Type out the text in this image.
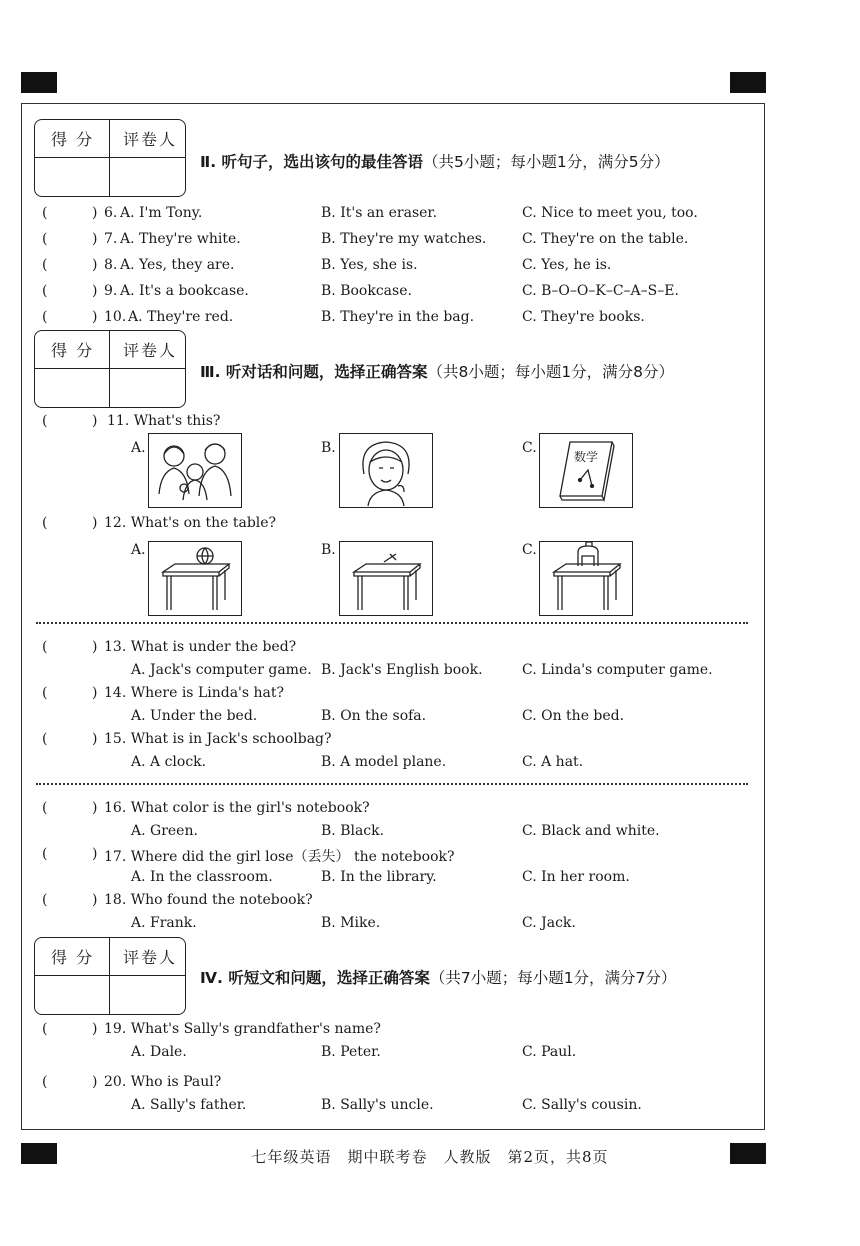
得 分 评卷人
Ⅱ. 听句子，选出该句的最佳答语（共5小题；每小题1分，满分5分）
(	) 6. A. I'm Tony.	B. It's an eraser.	C. Nice to meet you, too.
(	) 7. A. They're white.	B. They're my watches.	C. They're on the table.
(	) 8. A. Yes, they are.	B. Yes, she is.	C. Yes, he is.
(	) 9. A. It's a bookcase.	B. Bookcase.	C. B–O–O–K–C–A–S–E.
(	) 10. A. They're red.	B. They're in the bag.	C. They're books.
得 分 评卷人
Ⅲ. 听对话和问题，选择正确答案（共8小题；每小题1分，满分8分）
(	) 11. What's this?
A.	B.	C.
数学
(	) 12. What's on the table?
A.	B.	C.
(	) 13. What is under the bed?
A. Jack's computer game. B. Jack's English book.	C. Linda's computer game.
(	) 14. Where is Linda's hat?
A. Under the bed.	B. On the sofa.	C. On the bed.
(	) 15. What is in Jack's schoolbag?
A. A clock.	B. A model plane.	C. A hat.
(	) 16. What color is the girl's notebook?
A. Green.	B. Black.	C. Black and white.
(	) 17. Where did the girl lose（丢失） the notebook?
A. In the classroom.	B. In the library.	C. In her room.
(	) 18. Who found the notebook?
A. Frank.	B. Mike.	C. Jack.
得 分 评卷人
Ⅳ. 听短文和问题，选择正确答案（共7小题；每小题1分，满分7分）
(	) 19. What's Sally's grandfather's name?
A. Dale.	B. Peter.	C. Paul.
(	) 20. Who is Paul?
A. Sally's father.	B. Sally's uncle.	C. Sally's cousin.
七年级英语　期中联考卷　人教版　第2页，共8页
